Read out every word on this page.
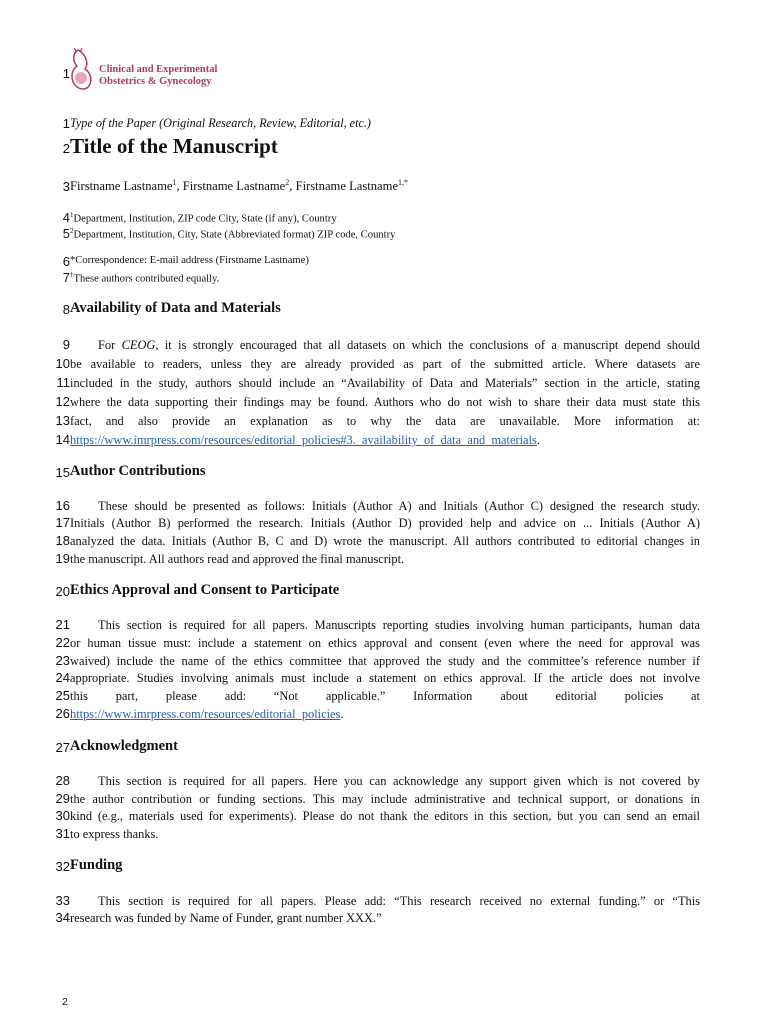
1	Clinical and Experimental
Obstetrics & Gynecology
1 Type of the Paper (Original Research, Review, Editorial, etc.)
2 Title of the Manuscript
3 Firstname Lastname$^1$, Firstname Lastname$^2$, Firstname Lastname$^{1,*}$
4 $^1$Department, Institution, ZIP code City, State (if any), Country
5 $^2$Department, Institution, City, State (Abbreviated format) ZIP code, Country
6 *Correspondence: E-mail address (Firstname Lastname)
7 †These authors contributed equally.
8 Availability of Data and Materials
9	For CEOG, it is strongly encouraged that all datasets on which the conclusions of a manuscript depend should
10 be available to readers, unless they are already provided as part of the submitted article. Where datasets are
11 included in the study, authors should include an “Availability of Data and Materials” section in the article, stating
12 where the data supporting their findings may be found. Authors who do not wish to share their data must state this
13 fact, and also provide an explanation as to why the data are unavailable. More information at:
14 https://www.imrpress.com/resources/editorial_policies#3._availability_of_data_and_materials.
15 Author Contributions
16	These should be presented as follows: Initials (Author A) and Initials (Author C) designed the research study.
17 Initials (Author B) performed the research. Initials (Author D) provided help and advice on ... Initials (Author A)
18 analyzed the data. Initials (Author B, C and D) wrote the manuscript. All authors contributed to editorial changes in
19 the manuscript. All authors read and approved the final manuscript.
20 Ethics Approval and Consent to Participate
21	This section is required for all papers. Manuscripts reporting studies involving human participants, human data
22 or human tissue must: include a statement on ethics approval and consent (even where the need for approval was
23 waived) include the name of the ethics committee that approved the study and the committee’s reference number if
24 appropriate. Studies involving animals must include a statement on ethics approval. If the article does not involve
25 this part, please add: “Not applicable.” Information about editorial policies at
26 https://www.imrpress.com/resources/editorial_policies.
27 Acknowledgment
28	This section is required for all papers. Here you can acknowledge any support given which is not covered by
29 the author contribution or funding sections. This may include administrative and technical support, or donations in
30 kind (e.g., materials used for experiments). Please do not thank the editors in this section, but you can send an email
31 to express thanks.
32 Funding
33	This section is required for all papers. Please add: “This research received no external funding.” or “This
34 research was funded by Name of Funder, grant number XXX.”
2
